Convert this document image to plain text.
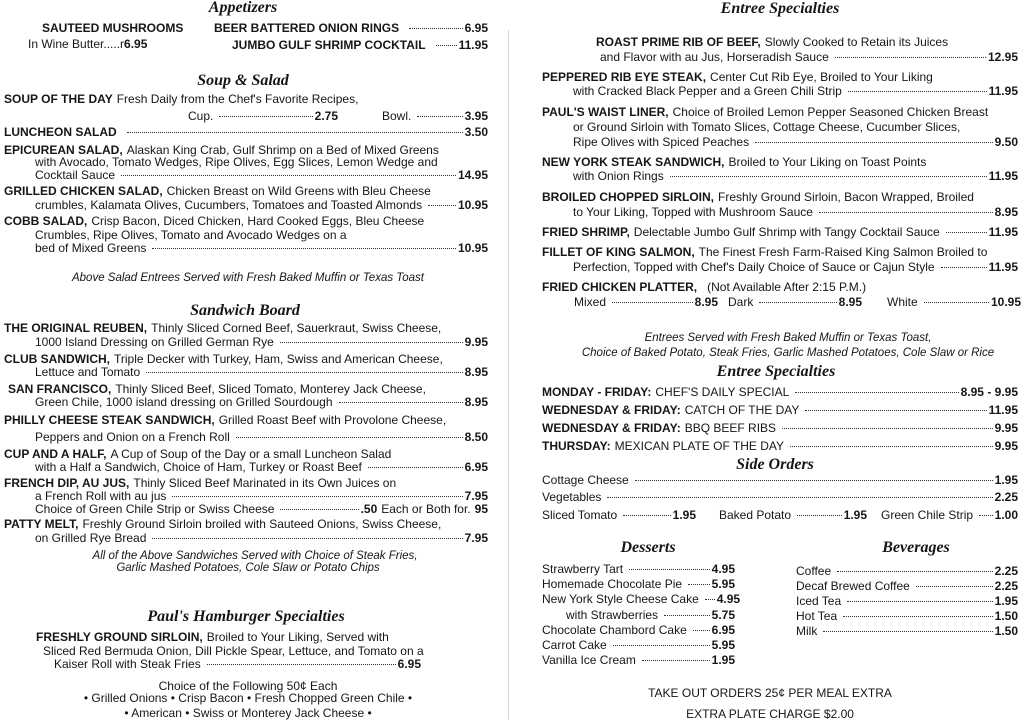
Appetizers
SAUTEED MUSHROOMS
In Wine Butter.....r 6.95
BEER BATTERED ONION RINGS	6.95
JUMBO GULF SHRIMP COCKTAIL	11.95
Soup & Salad
SOUP OF THE DAY Fresh Daily from the Chef's Favorite Recipes,
Cup.	2.75	Bowl.	3.95
LUNCHEON SALAD	3.50
EPICUREAN SALAD, Alaskan King Crab, Gulf Shrimp on a Bed of Mixed Greens
with Avocado, Tomato Wedges, Ripe Olives, Egg Slices, Lemon Wedge and
Cocktail Sauce	14.95
GRILLED CHICKEN SALAD, Chicken Breast on Wild Greens with Bleu Cheese
crumbles, Kalamata Olives, Cucumbers, Tomatoes and Toasted Almonds	10.95
COBB SALAD, Crisp Bacon, Diced Chicken, Hard Cooked Eggs, Bleu Cheese
Crumbles, Ripe Olives, Tomato and Avocado Wedges on a
bed of Mixed Greens	10.95
Above Salad Entrees Served with Fresh Baked Muffin or Texas Toast
Sandwich Board
THE ORIGINAL REUBEN, Thinly Sliced Corned Beef, Sauerkraut, Swiss Cheese,
1000 Island Dressing on Grilled German Rye	9.95
CLUB SANDWICH, Triple Decker with Turkey, Ham, Swiss and American Cheese,
Lettuce and Tomato	8.95
SAN FRANCISCO, Thinly Sliced Beef, Sliced Tomato, Monterey Jack Cheese,
Green Chile, 1000 island dressing on Grilled Sourdough	8.95
PHILLY CHEESE STEAK SANDWICH, Grilled Roast Beef with Provolone Cheese,
Peppers and Onion on a French Roll	8.50
CUP AND A HALF, A Cup of Soup of the Day or a small Luncheon Salad
with a Half a Sandwich, Choice of Ham, Turkey or Roast Beef	6.95
FRENCH DIP, AU JUS, Thinly Sliced Beef Marinated in its Own Juices on
a French Roll with au jus	7.95
PATTY MELT, Freshly Ground Sirloin broiled with Sauteed Onions, Swiss Cheese,
on Grilled Rye Bread	7.95
Choice of Green Chile Strip or Swiss Cheese	.50 Each or Both for. 95
All of the Above Sandwiches Served with Choice of Steak Fries,
Garlic Mashed Potatoes, Cole Slaw or Potato Chips
Paul's Hamburger Specialties
FRESHLY GROUND SIRLOIN, Broiled to Your Liking, Served with
Sliced Red Bermuda Onion, Dill Pickle Spear, Lettuce, and Tomato on a
Kaiser Roll with Steak Fries	6.95
Choice of the Following 50¢ Each
• Grilled Onions • Crisp Bacon • Fresh Chopped Green Chile •
• American • Swiss or Monterey Jack Cheese •
Entree Specialties
ROAST PRIME RIB OF BEEF, Slowly Cooked to Retain its Juices
and Flavor with au Jus, Horseradish Sauce	12.95
PEPPERED RIB EYE STEAK, Center Cut Rib Eye, Broiled to Your Liking
with Cracked Black Pepper and a Green Chili Strip	11.95
PAUL'S WAIST LINER, Choice of Broiled Lemon Pepper Seasoned Chicken Breast
or Ground Sirloin with Tomato Slices, Cottage Cheese, Cucumber Slices,
Ripe Olives with Spiced Peaches	9.50
NEW YORK STEAK SANDWICH, Broiled to Your Liking on Toast Points
with Onion Rings	11.95
BROILED CHOPPED SIRLOIN, Freshly Ground Sirloin, Bacon Wrapped, Broiled
to Your Liking, Topped with Mushroom Sauce	8.95
FRIED SHRIMP, Delectable Jumbo Gulf Shrimp with Tangy Cocktail Sauce	11.95
FILLET OF KING SALMON, The Finest Fresh Farm-Raised King Salmon Broiled to
Perfection, Topped with Chef's Daily Choice of Sauce or Cajun Style	11.95
FRIED CHICKEN PLATTER, (Not Available After 2:15 P.M.)
Mixed	8.95 Dark	8.95 White	10.95
Entrees Served with Fresh Baked Muffin or Texas Toast,
Choice of Baked Potato, Steak Fries, Garlic Mashed Potatoes, Cole Slaw or Rice
Entree Specialties
MONDAY - FRIDAY: CHEF'S DAILY SPECIAL	8.95 - 9.95
WEDNESDAY & FRIDAY: CATCH OF THE DAY	11.95
WEDNESDAY & FRIDAY: BBQ BEEF RIBS	9.95
THURSDAY: MEXICAN PLATE OF THE DAY	9.95
Side Orders
Cottage Cheese	1.95
Vegetables	2.25
Sliced Tomato	1.95 Baked Potato	1.95 Green Chile Strip 1.00
Desserts	Beverages
Strawberry Tart	4.95
Homemade Chocolate Pie 5.95
New York Style Cheese Cake 4.95
with Strawberries	5.75
Chocolate Chambord Cake 6.95
Carrot Cake	5.95
Vanilla Ice Cream	1.95
Coffee	2.25
Decaf Brewed Coffee	2.25
Iced Tea	1.95
Hot Tea	1.50
Milk	1.50
TAKE OUT ORDERS 25¢ PER MEAL EXTRA
EXTRA PLATE CHARGE $2.00
